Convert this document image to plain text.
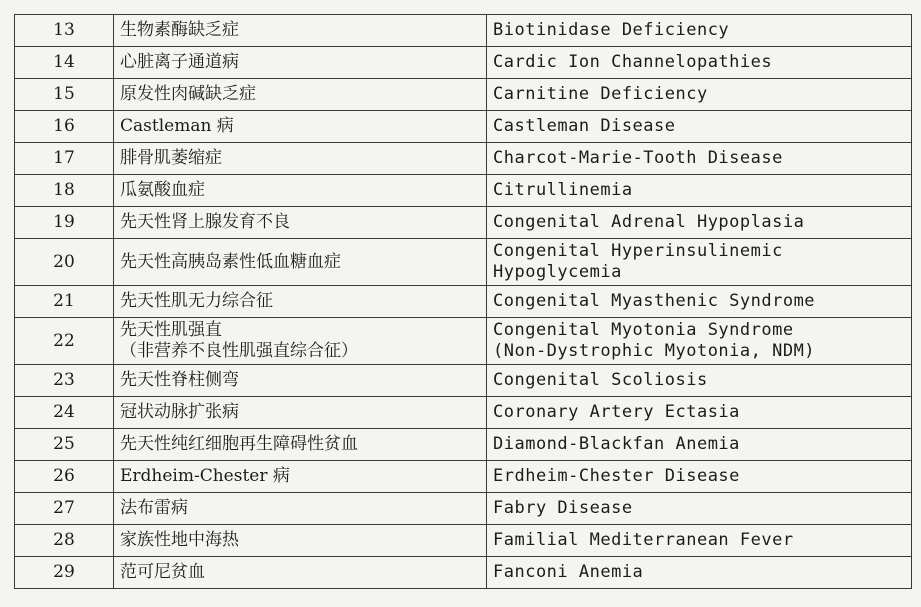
13	生物素酶缺乏症	Biotinidase Deficiency

14	心脏离子通道病	Cardic Ion Channelopathies

15	原发性肉碱缺乏症	Carnitine Deficiency

16	Castleman 病	Castleman Disease

17	腓骨肌萎缩症	Charcot-Marie-Tooth Disease

18	瓜氨酸血症	Citrullinemia

19	先天性肾上腺发育不良	Congenital Adrenal Hypoplasia

20	先天性高胰岛素性低血糖血症	Congenital Hyperinsulinemic
Hypoglycemia

21	先天性肌无力综合征	Congenital Myasthenic Syndrome

22	先天性肌强直
（非营养不良性肌强直综合征）	Congenital Myotonia Syndrome
(Non-Dystrophic Myotonia, NDM)

23	先天性脊柱侧弯	Congenital Scoliosis

24	冠状动脉扩张病	Coronary Artery Ectasia

25	先天性纯红细胞再生障碍性贫血	Diamond-Blackfan Anemia

26	Erdheim-Chester 病	Erdheim-Chester Disease

27	法布雷病	Fabry Disease

28	家族性地中海热	Familial Mediterranean Fever

29	范可尼贫血	Fanconi Anemia
